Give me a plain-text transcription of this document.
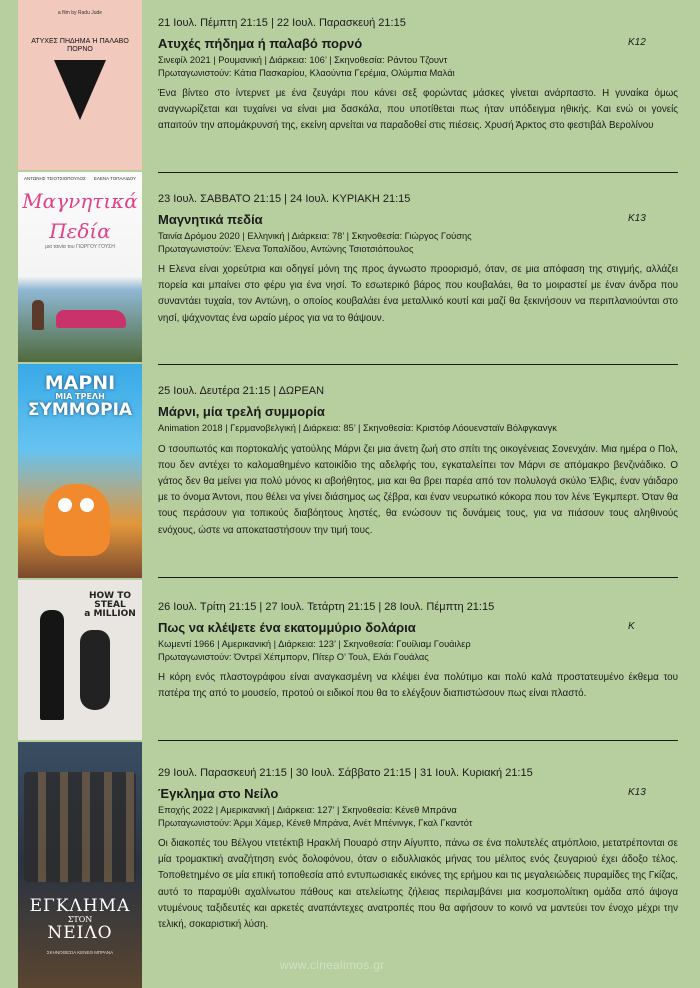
a film by Radu Jude
ΑΤΥΧΕΣ ΠΗΔΗΜΑ Ή ΠΑΛΑΒΟ ΠΟΡΝΟ
ΑΝΤΩΝΗΣ ΤΣΙΟΤΣΙΟΠΟΥΛΟΣ ΕΛΕΝΑ ΤΟΠΑΛΙΔΟΥ
Μαγνητικά
Πεδία
μια ταινία του ΓΙΩΡΓΟΥ ΓΟΥΣΗ
ΜΑΡΝΙ
ΜΙΑ ΤΡΕΛΗ
ΣΥΜΜΟΡΙΑ
HOW TO
STEAL
a MILLION
ΕΓΚΛΗΜΑ
ΣΤΟΝ
ΝΕΙΛΟ
ΣΚΗΝΟΘΕΣΙΑ ΚΕΝΕΘ ΜΠΡΑΝΑ
21 Ιουλ. Πέμπτη 21:15 | 22 Ιουλ. Παρασκευή 21:15
Ατυχές πήδημα ή παλαβό πορνό	Κ12
Σινεφίλ 2021 | Ρουμανική | Διάρκεια: 106’ | Σκηνοθεσία: Ράντου Τζουντ
Πρωταγωνιστούν: Κάτια Πασκαρίου, Κλαούντια Γερέμια, Ολύμπια Μαλάι
Ένα βίντεο στο ίντερνετ με ένα ζευγάρι που κάνει σεξ φορώντας μάσκες γίνεται ανάρπαστο. Η γυναίκα όμως αναγνωρίζεται και τυχαίνει να είναι μια δασκάλα, που υποτίθεται πως ήταν υπόδειγμα ηθικής. Και ενώ οι γονείς απαιτούν την απομάκρυνσή της, εκείνη αρνείται να παραδοθεί στις πιέσεις. Χρυσή Άρκτος στο φεστιβάλ Βερολίνου
23 Ιουλ. ΣΑΒΒΑΤΟ 21:15 | 24 Ιουλ. ΚΥΡΙΑΚΗ 21:15
Μαγνητικά πεδία	Κ13
Ταινία Δρόμου 2020 | Ελληνική | Διάρκεια: 78’ | Σκηνοθεσία: Γιώργος Γούσης
Πρωταγωνιστούν: Έλενα Τοπαλίδου, Αντώνης Τσιοτσιόπουλος
Η Ελενα είναι χορεύτρια και οδηγεί μόνη της προς άγνωστο προορισμό, όταν, σε μια απόφαση της στιγμής, αλλάζει πορεία και μπαίνει στο φέρυ για ένα νησί. Το εσωτερικό βάρος που κουβαλάει, θα το μοιραστεί με έναν άνδρα που συναντάει τυχαία, τον Αντώνη, ο οποίος κουβαλάει ένα μεταλλικό κουτί και μαζί θα ξεκινήσουν να περιπλανιούνται στο νησί, ψάχνοντας ένα ωραίο μέρος για να το θάψουν.
25 Ιουλ. Δευτέρα 21:15 | ΔΩΡΕΑΝ
Μάρνι, μία τρελή συμμορία
Animation 2018 | Γερμανοβελγική | Διάρκεια: 85’ | Σκηνοθεσία: Κριστόφ Λόουενσταϊν Βόλφγκανγκ
Ο τσουπωτός και πορτοκαλής γατούλης Μάρνι ζει μια άνετη ζωή στο σπίτι της οικογένειας Σονενχάιν. Μια ημέρα ο Πολ, που δεν αντέχει το καλομαθημένο κατοικίδιο της αδελφής του, εγκαταλείπει τον Μάρνι σε απόμακρο βενζινάδικο. Ο γάτος δεν θα μείνει για πολύ μόνος κι αβοήθητος, μια και θα βρει παρέα από τον πολυλογά σκύλο Έλβις, έναν γάιδαρο με το όνομα Άντονι, που θέλει να γίνει διάσημος ως ζέβρα, και έναν νευρωτικό κόκορα που τον λένε Έγκμπερτ. Όταν θα τους περάσουν για τοπικούς διαβόητους ληστές, θα ενώσουν τις δυνάμεις τους, για να πιάσουν τους αληθινούς ενόχους, ώστε να αποκαταστήσουν την τιμή τους.
26 Ιουλ. Τρίτη 21:15 | 27 Ιουλ. Τετάρτη 21:15 | 28 Ιουλ. Πέμπτη 21:15
Πως να κλέψετε ένα εκατομμύριο δολάρια	Κ
Κωμεντί 1966 | Αμερικανική | Διάρκεια: 123’ | Σκηνοθεσία: Γουίλιαμ Γουάιλερ
Πρωταγωνιστούν: Όντρεϊ Χέπμπορν, Πίτερ Ο’ Τουλ, Ελάι Γουάλας
Η κόρη ενός πλαστογράφου είναι αναγκασμένη να κλέψει ένα πολύτιμο και πολύ καλά προστατευμένο έκθεμα του πατέρα της από το μουσείο, προτού οι ειδικοί που θα το ελέγξουν διαπιστώσουν πως είναι πλαστό.
29 Ιουλ. Παρασκευή 21:15 | 30 Ιουλ. Σάββατο 21:15 | 31 Ιουλ. Κυριακή 21:15
Έγκλημα στο Νείλο	Κ13
Εποχής 2022 | Αμερικανική | Διάρκεια: 127’ | Σκηνοθεσία: Κένεθ Μπράνα
Πρωταγωνιστούν: Άρμι Χάμερ, Κένεθ Μπράνα, Ανέτ Μπένινγκ, Γκαλ Γκαντότ
Οι διακοπές του Βέλγου ντετέκτιβ Ηρακλή Πουαρό στην Αίγυπτο, πάνω σε ένα πολυτελές ατμόπλοιο, μετατρέπονται σε μία τρομακτική αναζήτηση ενός δολοφόνου, όταν ο ειδυλλιακός μήνας του μέλιτος ενός ζευγαριού έχει άδοξο τέλος. Τοποθετημένο σε μία επική τοποθεσία από εντυπωσιακές εικόνες της ερήμου και τις μεγαλειώδεις πυραμίδες της Γκίζας, αυτό το παραμύθι αχαλίνωτου πάθους και ατελείωτης ζήλειας περιλαμβάνει μια κοσμοπολίτικη ομάδα από άψογα ντυμένους ταξιδευτές και αρκετές αναπάντεχες ανατροπές που θα αφήσουν το κοινό να μαντεύει τον ένοχο μέχρι την τελική, σοκαριστική λύση.
www.cinealimos.gr
